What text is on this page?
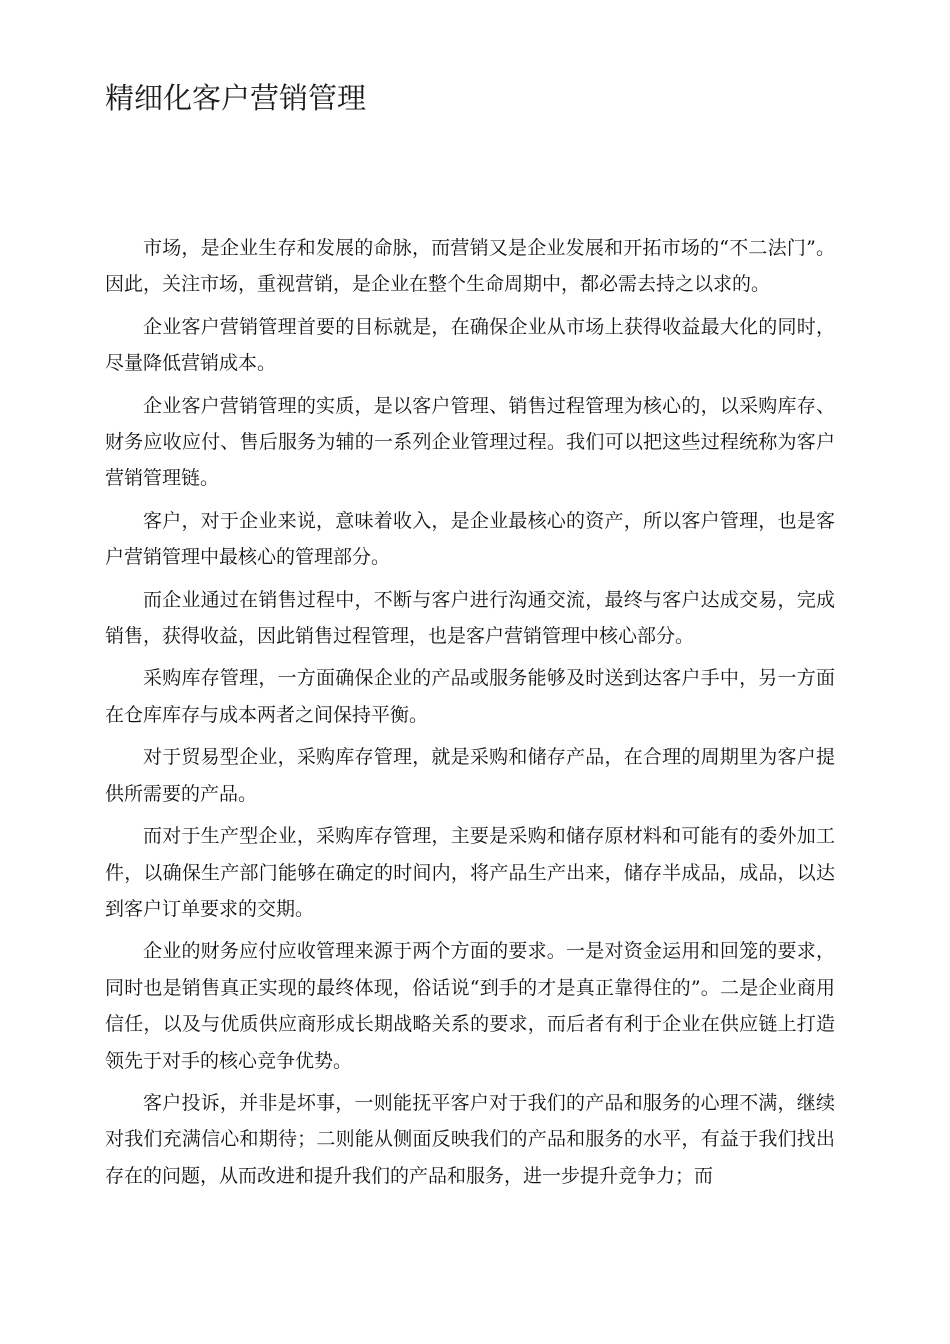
精细化客户营销管理

市场，是企业生存和发展的命脉，而营销又是企业发展和开拓市场的“不二法门”。因此，关注市场，重视营销，是企业在整个生命周期中，都必需去持之以求的。

企业客户营销管理首要的目标就是，在确保企业从市场上获得收益最大化的同时，尽量降低营销成本。

企业客户营销管理的实质，是以客户管理、销售过程管理为核心的，以采购库存、财务应收应付、售后服务为辅的一系列企业管理过程。我们可以把这些过程统称为客户营销管理链。

客户，对于企业来说，意味着收入，是企业最核心的资产，所以客户管理，也是客户营销管理中最核心的管理部分。

而企业通过在销售过程中，不断与客户进行沟通交流，最终与客户达成交易，完成销售，获得收益，因此销售过程管理，也是客户营销管理中核心部分。

采购库存管理，一方面确保企业的产品或服务能够及时送到达客户手中，另一方面在仓库库存与成本两者之间保持平衡。

对于贸易型企业，采购库存管理，就是采购和储存产品，在合理的周期里为客户提供所需要的产品。

而对于生产型企业，采购库存管理，主要是采购和储存原材料和可能有的委外加工件，以确保生产部门能够在确定的时间内，将产品生产出来，储存半成品，成品，以达到客户订单要求的交期。

企业的财务应付应收管理来源于两个方面的要求。一是对资金运用和回笼的要求，同时也是销售真正实现的最终体现，俗话说“到手的才是真正靠得住的”。二是企业商用信任，以及与优质供应商形成长期战略关系的要求，而后者有利于企业在供应链上打造领先于对手的核心竞争优势。

客户投诉，并非是坏事，一则能抚平客户对于我们的产品和服务的心理不满，继续对我们充满信心和期待；二则能从侧面反映我们的产品和服务的水平，有益于我们找出存在的问题，从而改进和提升我们的产品和服务，进一步提升竞争力；而
